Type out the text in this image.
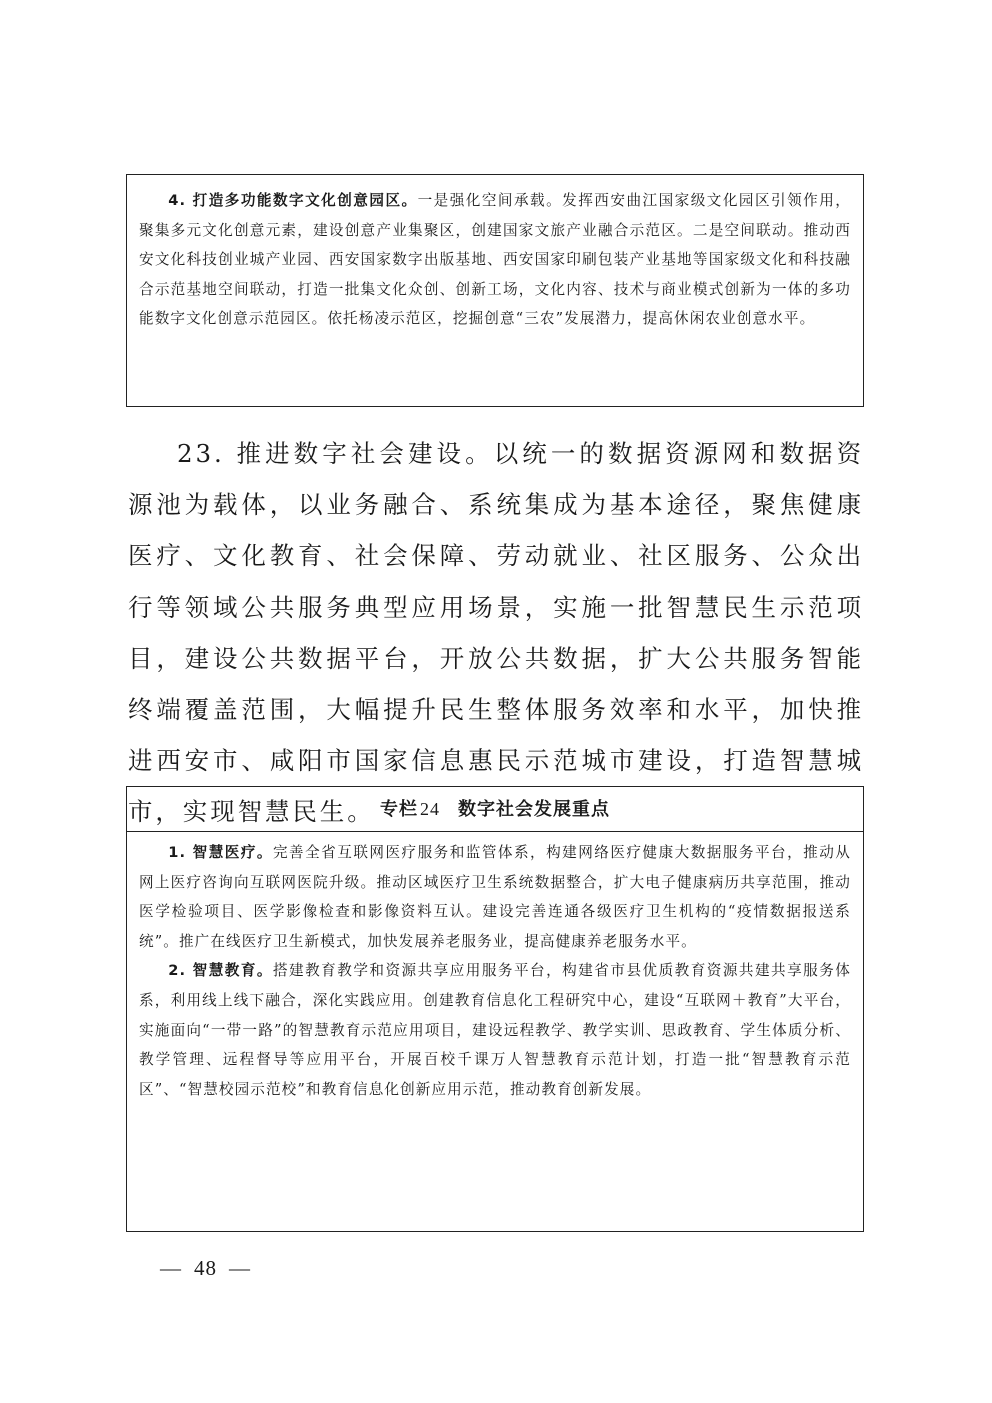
4. 打造多功能数字文化创意园区。一是强化空间承载。发挥西安曲江国家级文化园区引领作用，聚集多元文化创意元素，建设创意产业集聚区，创建国家文旅产业融合示范区。二是空间联动。推动西安文化科技创业城产业园、西安国家数字出版基地、西安国家印刷包装产业基地等国家级文化和科技融合示范基地空间联动，打造一批集文化众创、创新工场，文化内容、技术与商业模式创新为一体的多功能数字文化创意示范园区。依托杨凌示范区，挖掘创意“三农”发展潜力，提高休闲农业创意水平。

23. 推进数字社会建设。以统一的数据资源网和数据资源池为载体，以业务融合、系统集成为基本途径，聚焦健康医疗、文化教育、社会保障、劳动就业、社区服务、公众出行等领域公共服务典型应用场景，实施一批智慧民生示范项目，建设公共数据平台，开放公共数据，扩大公共服务智能终端覆盖范围，大幅提升民生整体服务效率和水平，加快推进西安市、咸阳市国家信息惠民示范城市建设，打造智慧城市，实现智慧民生。 专栏 24 数字社会发展重点

1. 智慧医疗。完善全省互联网医疗服务和监管体系，构建网络医疗健康大数据服务平台，推动从网上医疗咨询向互联网医院升级。推动区域医疗卫生系统数据整合，扩大电子健康病历共享范围，推动医学检验项目、医学影像检查和影像资料互认。建设完善连通各级医疗卫生机构的“疫情数据报送系统”。推广在线医疗卫生新模式，加快发展养老服务业，提高健康养老服务水平。

2. 智慧教育。搭建教育教学和资源共享应用服务平台，构建省市县优质教育资源共建共享服务体系，利用线上线下融合，深化实践应用。创建教育信息化工程研究中心，建设“互联网＋教育”大平台，实施面向“一带一路”的智慧教育示范应用项目，建设远程教学、教学实训、思政教育、学生体质分析、教学管理、远程督导等应用平台，开展百校千课万人智慧教育示范计划，打造一批“智慧教育示范区”、“智慧校园示范校”和教育信息化创新应用示范，推动教育创新发展。

— 48 —
